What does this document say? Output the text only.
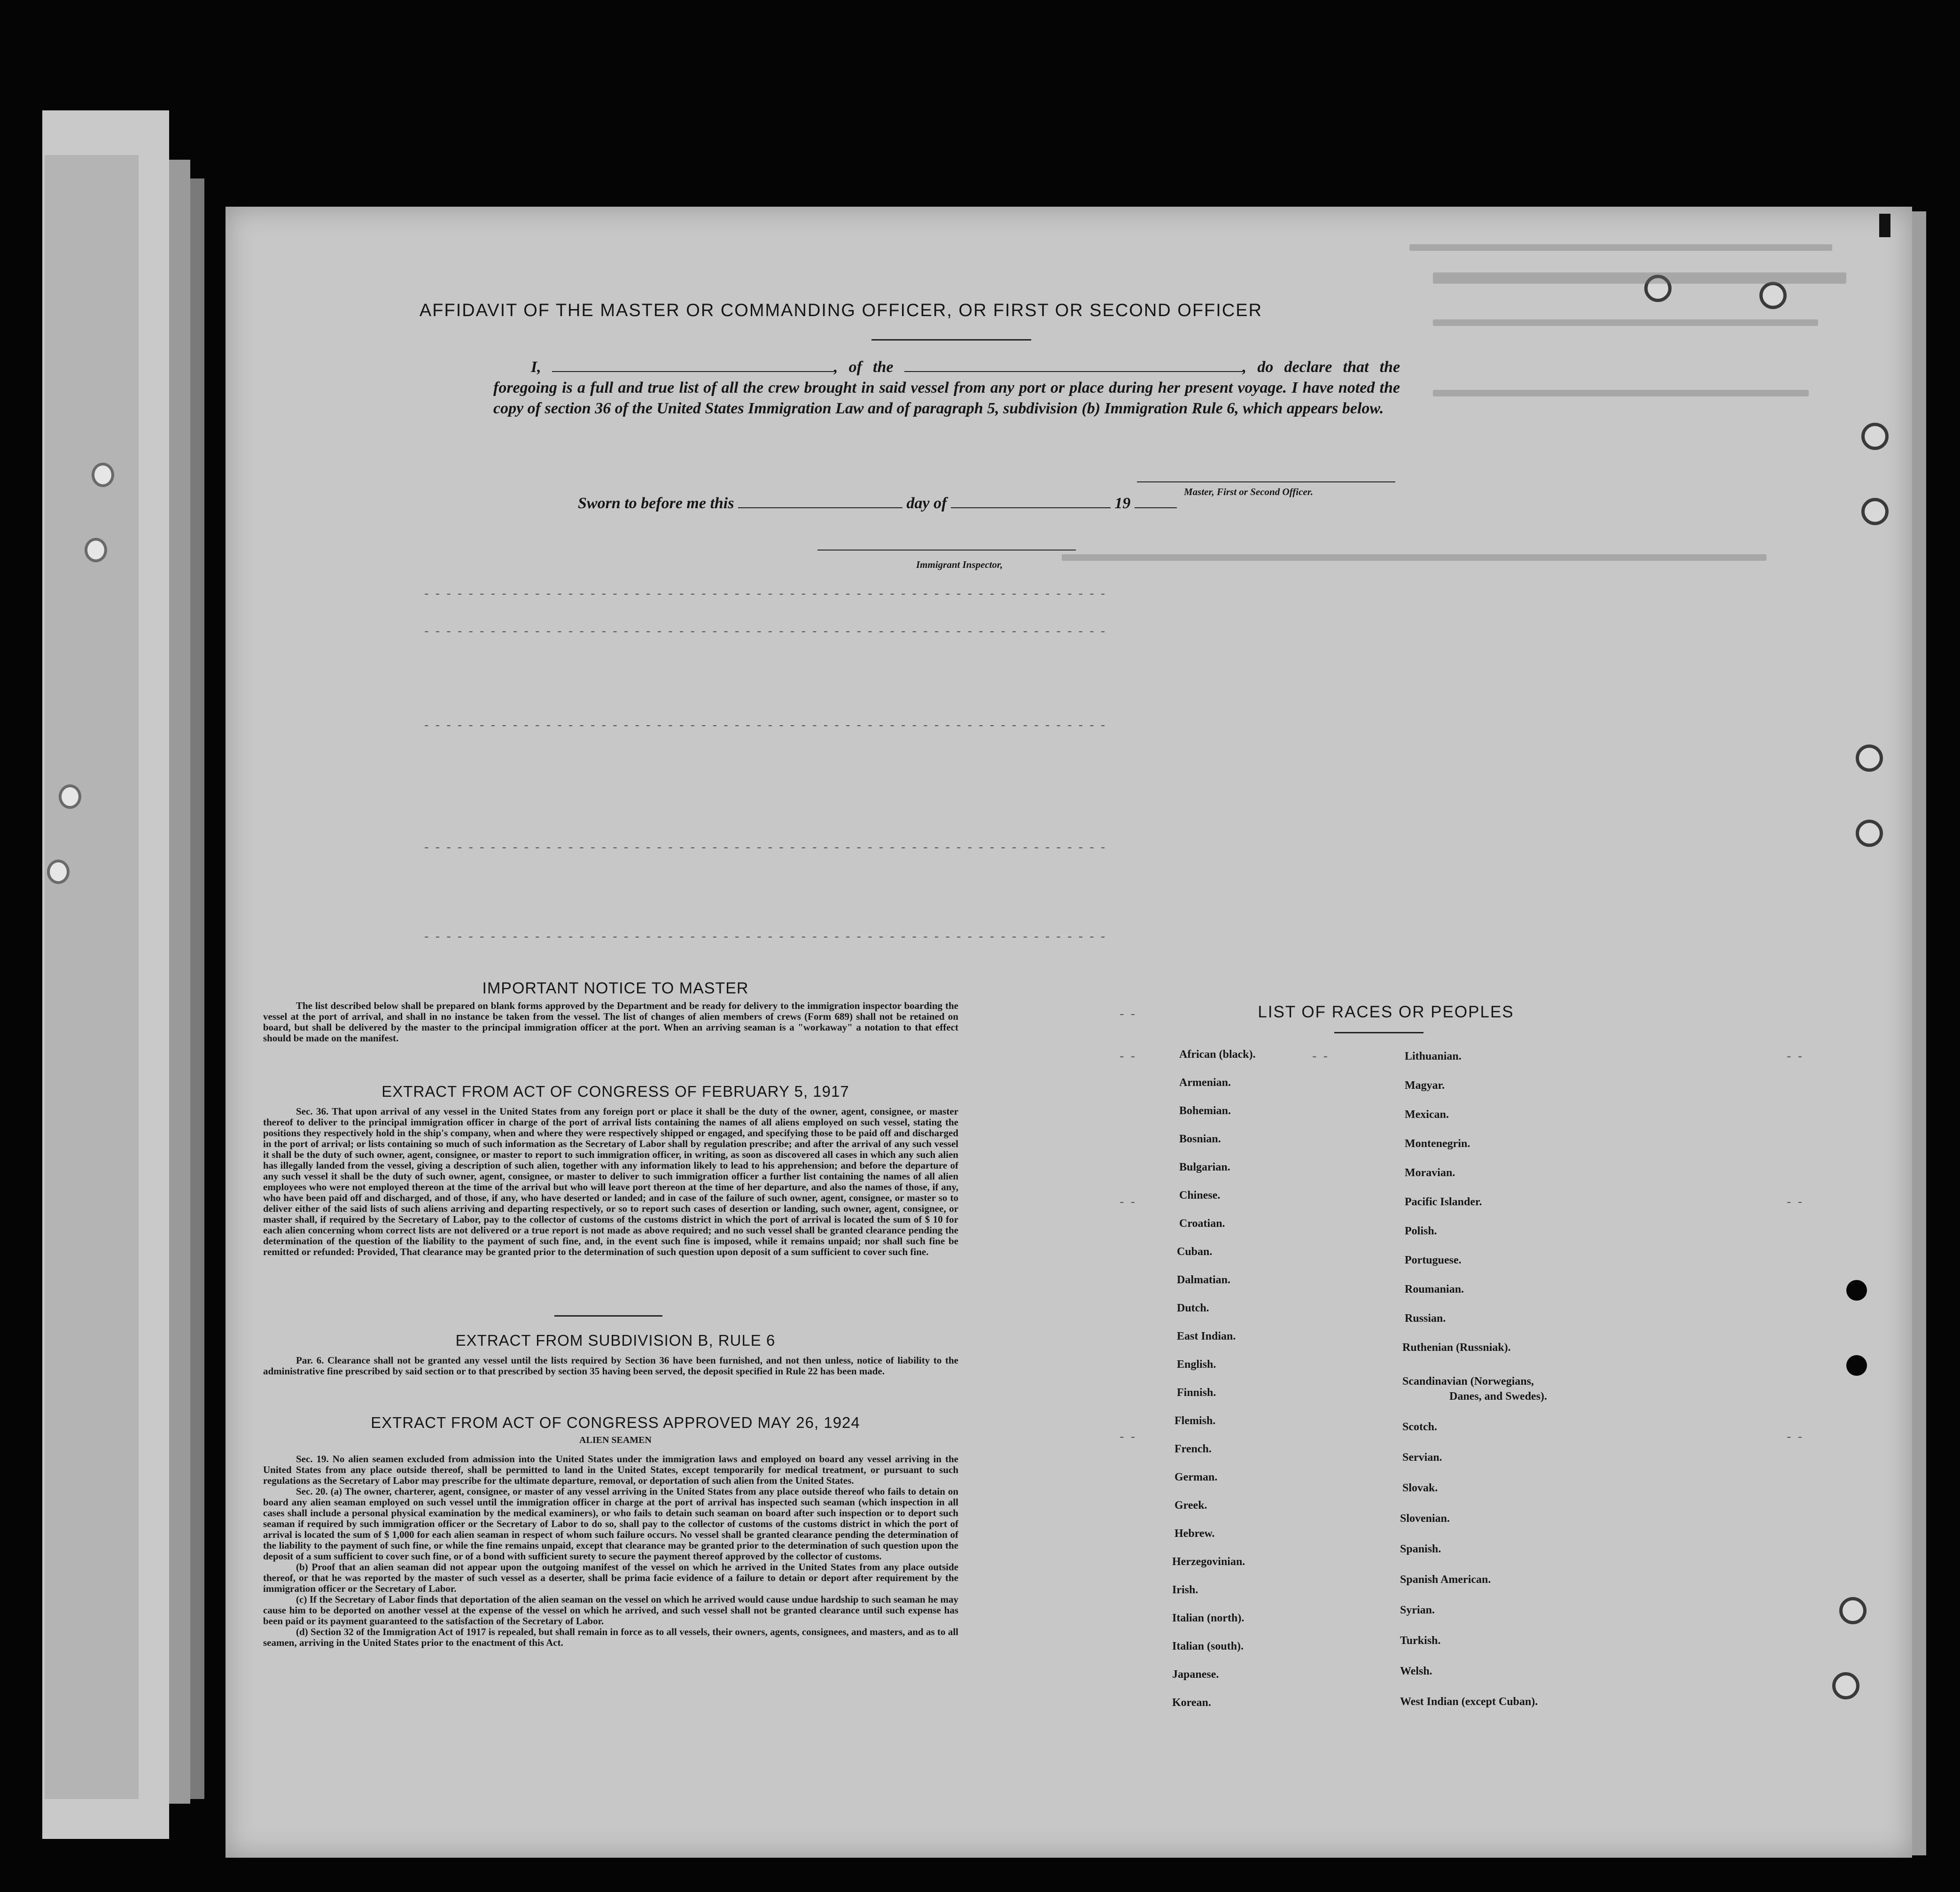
AFFIDAVIT OF THE MASTER OR COMMANDING OFFICER, OR FIRST OR SECOND OFFICER
I,	, of the	, do declare that the foregoing is a full and true list of all the crew brought in said vessel from any port or place during her present voyage. I have noted the copy of section 36 of the United States Immigration Law and of paragraph 5, subdivision (b) Immigration Rule 6, which appears below.
Master, First or Second Officer.
Sworn to before me this	day of	19
Immigrant Inspector,
--------------------------------------------------------------
--------------------------------------------------------------
--------------------------------------------------------------
--------------------------------------------------------------
--------------------------------------------------------------
IMPORTANT NOTICE TO MASTER

The list described below shall be prepared on blank forms approved by the Department and be ready for delivery to the immigration inspector boarding the vessel at the port of arrival, and shall in no instance be taken from the vessel. The list of changes of alien members of crews (Form 689) shall not be retained on board, but shall be delivered by the master to the principal immigration officer at the port. When an arriving seaman is a "workaway" a notation to that effect should be made on the manifest.

EXTRACT FROM ACT OF CONGRESS OF FEBRUARY 5, 1917

Sec. 36. That upon arrival of any vessel in the United States from any foreign port or place it shall be the duty of the owner, agent, consignee, or master thereof to deliver to the principal immigration officer in charge of the port of arrival lists containing the names of all aliens employed on such vessel, stating the positions they respectively hold in the ship's company, when and where they were respectively shipped or engaged, and specifying those to be paid off and discharged in the port of arrival; or lists containing so much of such information as the Secretary of Labor shall by regulation prescribe; and after the arrival of any such vessel it shall be the duty of such owner, agent, consignee, or master to report to such immigration officer, in writing, as soon as discovered all cases in which any such alien has illegally landed from the vessel, giving a description of such alien, together with any information likely to lead to his apprehension; and before the departure of any such vessel it shall be the duty of such owner, agent, consignee, or master to deliver to such immigration officer a further list containing the names of all alien employees who were not employed thereon at the time of the arrival but who will leave port thereon at the time of her departure, and also the names of those, if any, who have been paid off and discharged, and of those, if any, who have deserted or landed; and in case of the failure of such owner, agent, consignee, or master so to deliver either of the said lists of such aliens arriving and departing respectively, or so to report such cases of desertion or landing, such owner, agent, consignee, or master shall, if required by the Secretary of Labor, pay to the collector of customs of the customs district in which the port of arrival is located the sum of $ 10 for each alien concerning whom correct lists are not delivered or a true report is not made as above required; and no such vessel shall be granted clearance pending the determination of the question of the liability to the payment of such fine, and, in the event such fine is imposed, while it remains unpaid; nor shall such fine be remitted or refunded: Provided, That clearance may be granted prior to the determination of such question upon deposit of a sum sufficient to cover such fine.

EXTRACT FROM SUBDIVISION B, RULE 6

Par. 6. Clearance shall not be granted any vessel until the lists required by Section 36 have been furnished, and not then unless, notice of liability to the administrative fine prescribed by said section or to that prescribed by section 35 having been served, the deposit specified in Rule 22 has been made.

EXTRACT FROM ACT OF CONGRESS APPROVED MAY 26, 1924
ALIEN SEAMEN

Sec. 19. No alien seamen excluded from admission into the United States under the immigration laws and employed on board any vessel arriving in the United States from any place outside thereof, shall be permitted to land in the United States, except temporarily for medical treatment, or pursuant to such regulations as the Secretary of Labor may prescribe for the ultimate departure, removal, or deportation of such alien from the United States.

Sec. 20. (a) The owner, charterer, agent, consignee, or master of any vessel arriving in the United States from any place outside thereof who fails to detain on board any alien seaman employed on such vessel until the immigration officer in charge at the port of arrival has inspected such seaman (which inspection in all cases shall include a personal physical examination by the medical examiners), or who fails to detain such seaman on board after such inspection or to deport such seaman if required by such immigration officer or the Secretary of Labor to do so, shall pay to the collector of customs of the customs district in which the port of arrival is located the sum of $ 1,000 for each alien seaman in respect of whom such failure occurs. No vessel shall be granted clearance pending the determination of the liability to the payment of such fine, or while the fine remains unpaid, except that clearance may be granted prior to the determination of such question upon the deposit of a sum sufficient to cover such fine, or of a bond with sufficient surety to secure the payment thereof approved by the collector of customs.

(b) Proof that an alien seaman did not appear upon the outgoing manifest of the vessel on which he arrived in the United States from any place outside thereof, or that he was reported by the master of such vessel as a deserter, shall be prima facie evidence of a failure to detain or deport after requirement by the immigration officer or the Secretary of Labor.

(c) If the Secretary of Labor finds that deportation of the alien seaman on the vessel on which he arrived would cause undue hardship to such seaman he may cause him to be deported on another vessel at the expense of the vessel on which he arrived, and such vessel shall not be granted clearance until such expense has been paid or its payment guaranteed to the satisfaction of the Secretary of Labor.

(d) Section 32 of the Immigration Act of 1917 is repealed, but shall remain in force as to all vessels, their owners, agents, consignees, and masters, and as to all seamen, arriving in the United States prior to the enactment of this Act.

LIST OF RACES OR PEOPLES
African (black).
Armenian.
Bohemian.
Bosnian.
Bulgarian.
Chinese.
Croatian.
Cuban.
Dalmatian.
Dutch.
East Indian.
English.
Finnish.
Flemish.
French.
German.
Greek.
Hebrew.
Herzegovinian.
Irish.
Italian (north).
Italian (south).
Japanese.
Korean.
Lithuanian.
Magyar.
Mexican.
Montenegrin.
Moravian.
Pacific Islander.
Polish.
Portuguese.
Roumanian.
Russian.
Ruthenian (Russniak).
Scandinavian (Norwegians,
Danes, and Swedes).
Scotch.
Servian.
Slovak.
Slovenian.
Spanish.
Spanish American.
Syrian.
Turkish.
Welsh.
West Indian (except Cuban).
--
--	--	--
--	--
--	--
